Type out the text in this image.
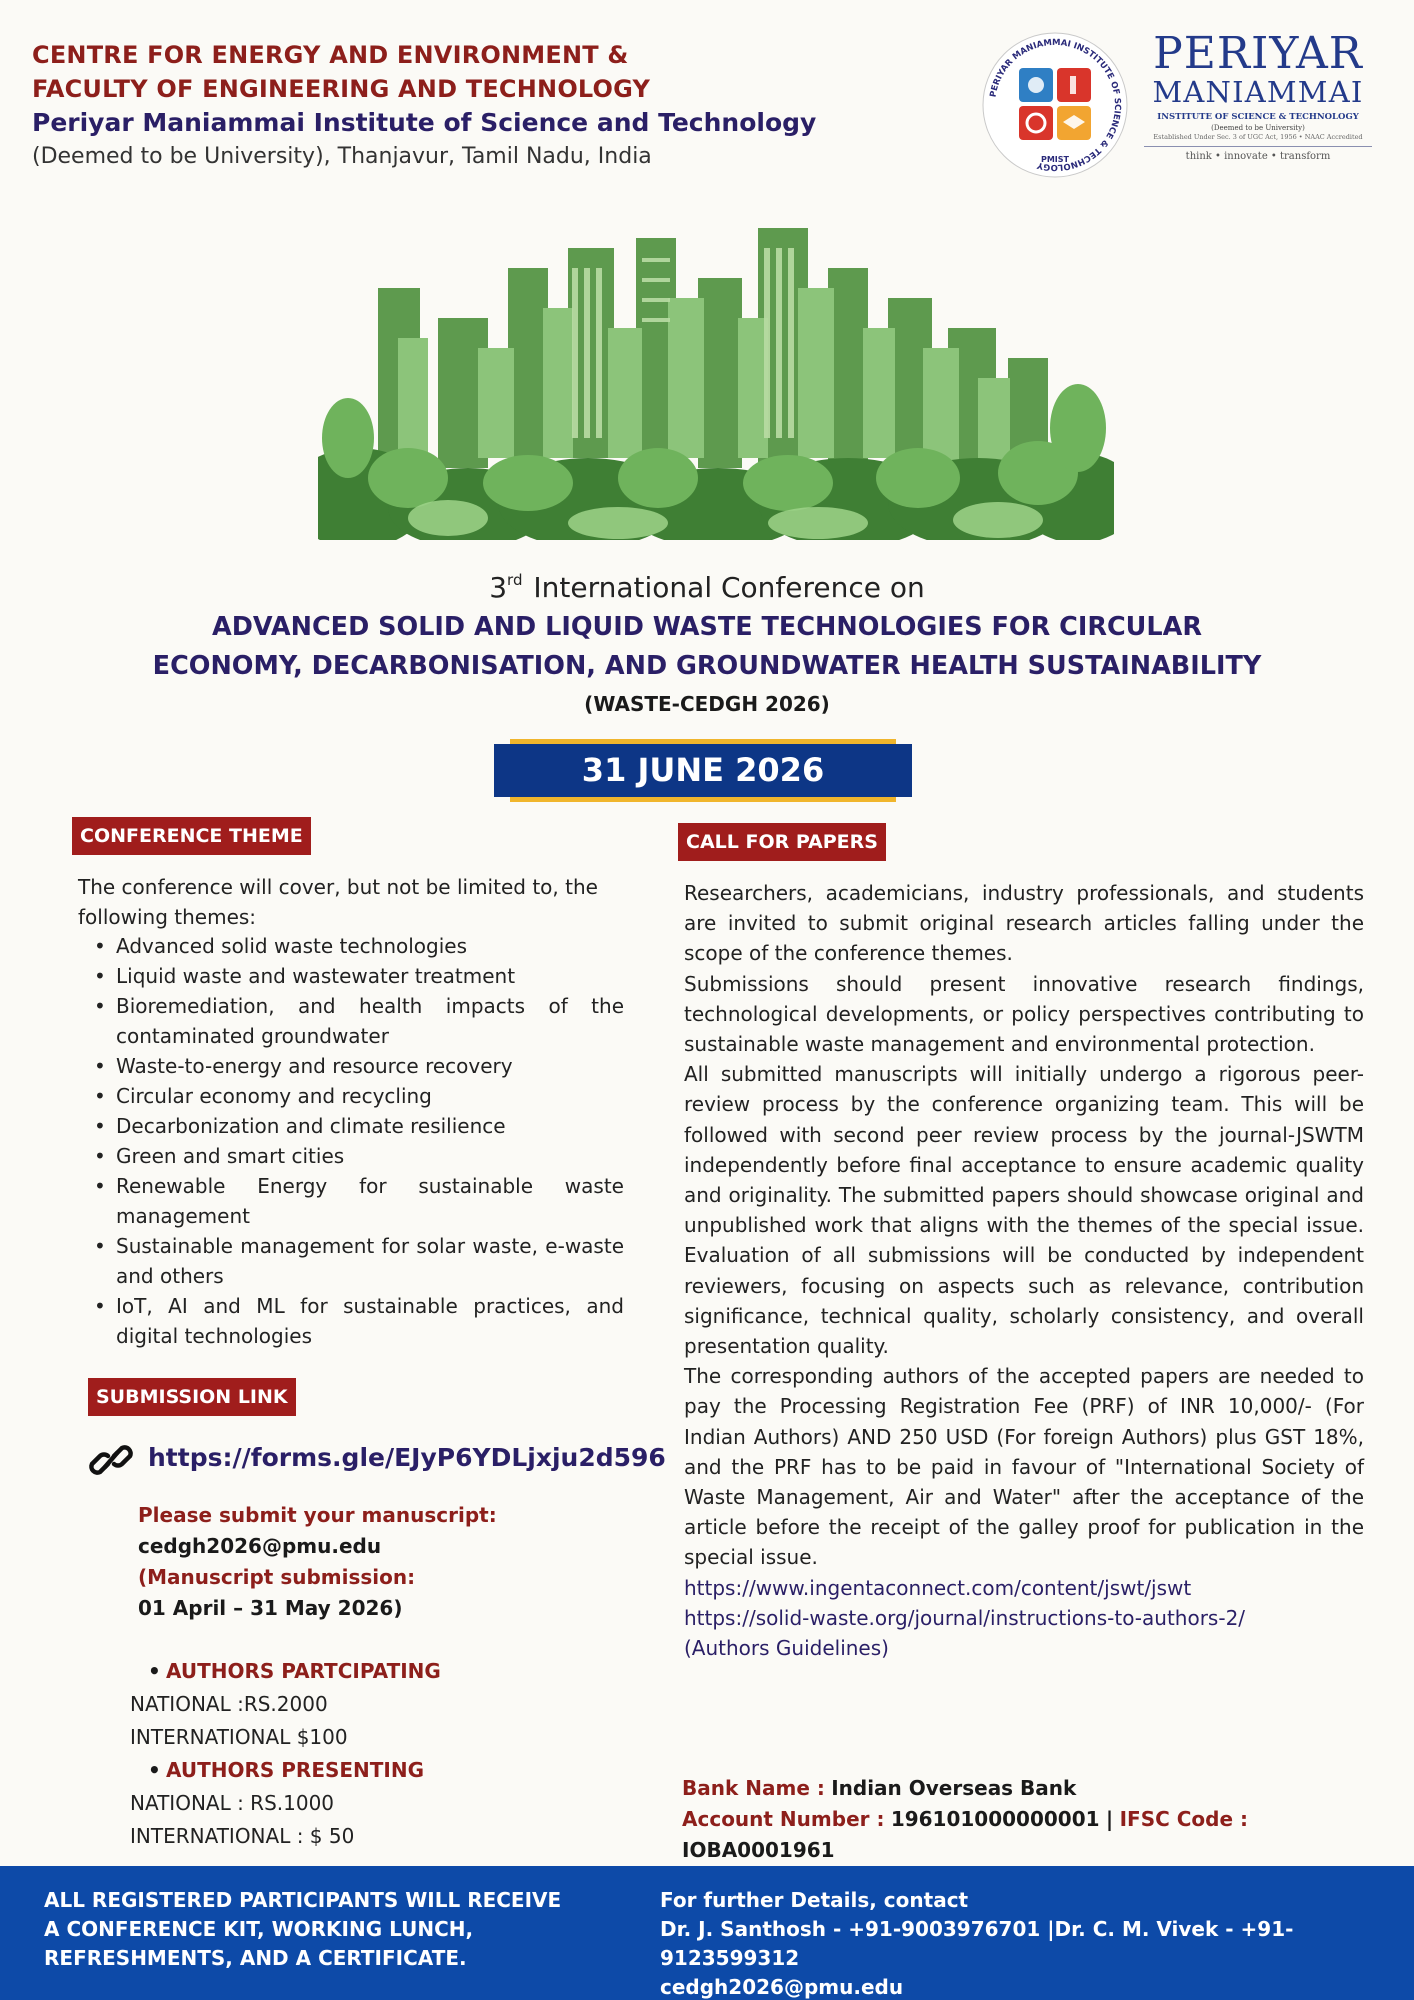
CENTRE FOR ENERGY AND ENVIRONMENT &
FACULTY OF ENGINEERING AND TECHNOLOGY
Periyar Maniammai Institute of Science and Technology
(Deemed to be University), Thanjavur, Tamil Nadu, India
PERIYAR MANIAMMAI INSTITUTE OF SCIENCE & TECHNOLOGY
PMIST
PERIYAR
MANIAMMAI
INSTITUTE OF SCIENCE & TECHNOLOGY
(Deemed to be University)
Established Under Sec. 3 of UGC Act, 1956 • NAAC Accredited
think • innovate • transform
3rd International Conference on
ADVANCED SOLID AND LIQUID WASTE TECHNOLOGIES FOR CIRCULAR
ECONOMY, DECARBONISATION, AND GROUNDWATER HEALTH SUSTAINABILITY
(WASTE-CEDGH 2026)
31 JUNE 2026
CONFERENCE THEME
The conference will cover, but not be limited to, the following themes:
• Advanced solid waste technologies
• Liquid waste and wastewater treatment
• Bioremediation, and health impacts of the contaminated groundwater
• Waste-to-energy and resource recovery
• Circular economy and recycling
• Decarbonization and climate resilience
• Green and smart cities
• Renewable Energy for sustainable waste management
• Sustainable management for solar waste, e-waste and others
• IoT, AI and ML for sustainable practices, and digital technologies
SUBMISSION LINK
https://forms.gle/EJyP6YDLjxju2d596
Please submit your manuscript:
cedgh2026@pmu.edu
(Manuscript submission:
01 April – 31 May 2026)
• AUTHORS PARTCIPATING
NATIONAL :RS.2000
INTERNATIONAL $100
• AUTHORS PRESENTING
NATIONAL : RS.1000
INTERNATIONAL : $ 50
CALL FOR PAPERS

Researchers, academicians, industry professionals, and students are invited to submit original research articles falling under the scope of the conference themes.

Submissions should present innovative research findings, technological developments, or policy perspectives contributing to sustainable waste management and environmental protection.

All submitted manuscripts will initially undergo a rigorous peer-review process by the conference organizing team. This will be followed with second peer review process by the journal-JSWTM independently before final acceptance to ensure academic quality and originality. The submitted papers should showcase original and unpublished work that aligns with the themes of the special issue. Evaluation of all submissions will be conducted by independent reviewers, focusing on aspects such as relevance, contribution significance, technical quality, scholarly consistency, and overall presentation quality.

The corresponding authors of the accepted papers are needed to pay the Processing Registration Fee (PRF) of INR 10,000/- (For Indian Authors) AND 250 USD (For foreign Authors) plus GST 18%, and the PRF has to be paid in favour of "International Society of Waste Management, Air and Water" after the acceptance of the article before the receipt of the galley proof for publication in the special issue.

https://www.ingentaconnect.com/content/jswt/jswt

https://solid-waste.org/journal/instructions-to-authors-2/

(Authors Guidelines)

Bank Name : Indian Overseas Bank
Account Number : 196101000000001 | IFSC Code : IOBA0001961
ALL REGISTERED PARTICIPANTS WILL RECEIVE
A CONFERENCE KIT, WORKING LUNCH,
REFRESHMENTS, AND A CERTIFICATE.
For further Details, contact
Dr. J. Santhosh - +91-9003976701 |Dr. C. M. Vivek - +91-9123599312
cedgh2026@pmu.edu
